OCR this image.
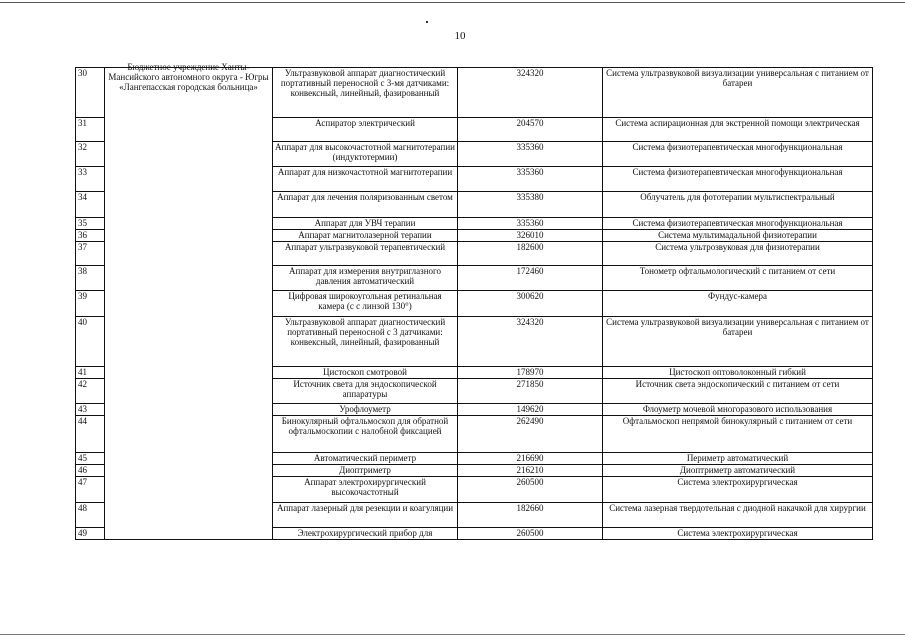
10
30	Бюджетное учреждение Ханты-Мансийского автономного округа - Югры «Лангепасская городская больница»	Ультразвуковой аппарат диагностический портативный переносной с 3-мя датчиками: конвексный, линейный, фазированный	324320	Система ультразвуковой визуализации универсальная с питанием от батареи
31		Аспиратор электрический	204570	Система аспирационная для экстренной помощи электрическая
32		Аппарат для высокочастотной магнитотерапии (индуктотермии)	335360	Система физиотерапевтическая многофункциональная
33		Аппарат для низкочастотной магнитотерапии	335360	Система физиотерапевтическая многофункциональная
34		Аппарат для лечения поляризованным светом	335380	Облучатель для фототерапии мультиспектральный
35		Аппарат для УВЧ терапии	335360	Система физиотерапевтическая многофункциональная
36		Аппарат магнитолазерной терапии	326010	Система мультимадальной физиотерапии
37		Аппарат ультразвуковой терапевтический	182600	Система ультрозвуковая для физиотерапии
38		Аппарат для измерения внутриглазного давления автоматический	172460	Тонометр офтальмологический с питанием от сети
39		Цифровая широкоугольная ретинальная камера (с с линзой 130°)	300620	Фундус-камера
40		Ультразвуковой аппарат диагностический портативный переносной с 3 датчиками: конвексный, линейный, фазированный	324320	Система ультразвуковой визуализации универсальная с питанием от батареи
41		Цистоскоп смотровой	178970	Цистоскоп оптоволоконный гибкий
42		Источник света для эндоскопической аппаратуры	271850	Источник света эндоскопический с питанием от сети
43		Урофлоуметр	149620	Флоуметр мочевой многоразового использования
44		Бинокулярный офтальмоскоп для обратной офтальмоскопии с налобной фиксацией	262490	Офтальмоскоп непрямой бинокулярный с питанием от сети
45		Автоматический периметр	216690	Периметр автоматический
46		Диоптриметр	216210	Диоптриметр автоматический
47		Аппарат электрохирургический высокочастотный	260500	Система электрохирургическая
48		Аппарат лазерный для резекции и коагуляции	182660	Система лазерная твердотельная с диодной накачкой для хирургии
49		Электрохирургический прибор для	260500	Система электрохирургическая
